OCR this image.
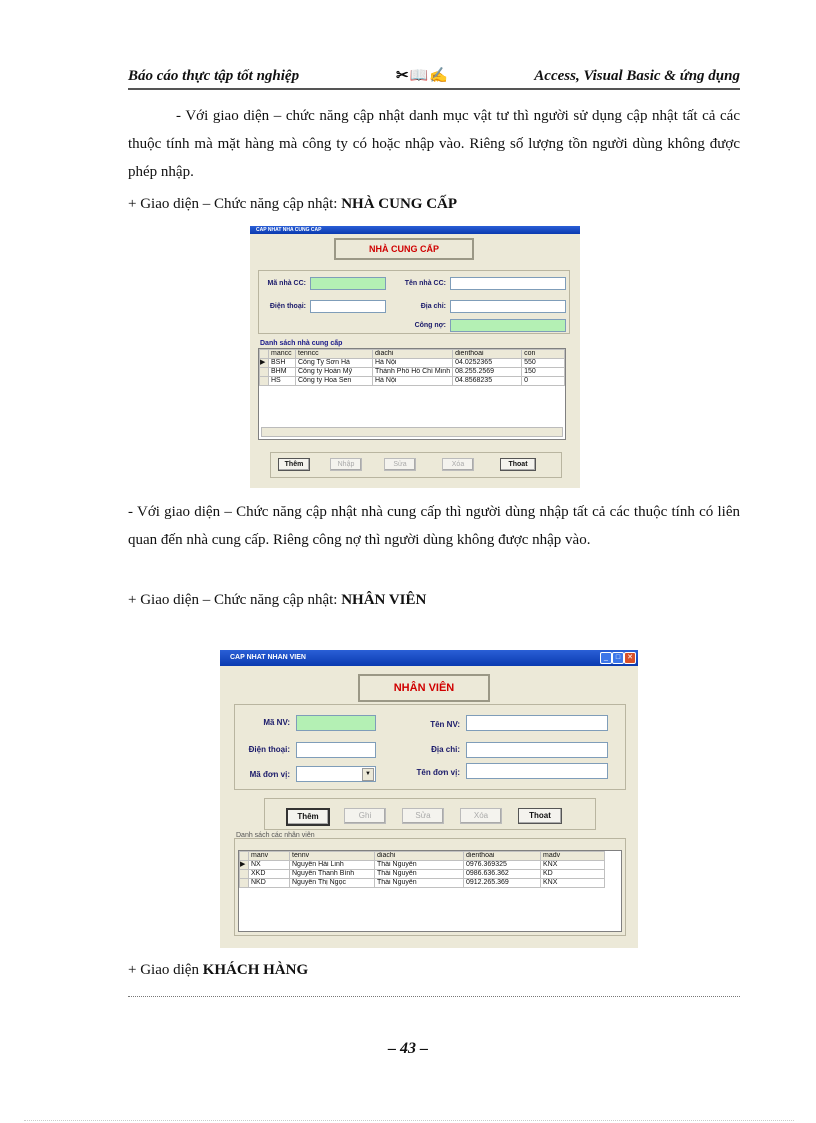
Báo cáo thực tập tốt nghiệp	✂📖✍	Access, Visual Basic & ứng dụng
- Với giao diện – chức năng cập nhật danh mục vật tư thì người sử dụng cập nhật tất cả các thuộc tính mà mặt hàng mà công ty có hoặc nhập vào. Riêng số lượng tồn người dùng không được phép nhập.
+ Giao diện – Chức năng cập nhật: NHÀ CUNG CẤP
CAP NHAT NHA CUNG CAP
NHÀ CUNG CẤP
Mã nhà CC:	Tên nhà CC:
Điện thoại:	Địa chỉ:
Công nợ:
Danh sách nhà cung cấp
	mancc	tenncc	diachi	dienthoai	con
▶	BSH	Công Ty Sơn Hà	Hà Nội	04.0252365	550
	BHM	Công ty Hoàn Mỹ	Thành Phố Hồ Chí Minh	08.255.2569	150
	HS	Công ty Hoa Sen	Hà Nội	04.8568235	0
Thêm	Nhập	Sửa	Xóa	Thoat
- Với giao diện – Chức năng cập nhật nhà cung cấp thì người dùng nhập tất cả các thuộc tính có liên quan đến nhà cung cấp. Riêng công nợ thì người dùng không được nhập vào.
+ Giao diện – Chức năng cập nhật: NHÂN VIÊN
CAP NHAT NHAN VIEN	_	□ ✕
NHÂN VIÊN
Mã NV:	Tên NV:
Điện thoại:	Địa chỉ:
Mã đơn vị:	▼	Tên đơn vị:
Thêm	Ghi	Sửa	Xóa	Thoat
Danh sách các nhân viên
	manv	tennv	diachi	dienthoai	madv
▶	NX	Nguyễn Hải Linh	Thái Nguyên	0976.369325	KNX
	XKD	Nguyễn Thanh Bình	Thái Nguyên	0986.636.362	KD
	NKD	Nguyễn Thị Ngọc	Thái Nguyên	0912.265.369	KNX
+ Giao diện KHÁCH HÀNG
– 43 –
